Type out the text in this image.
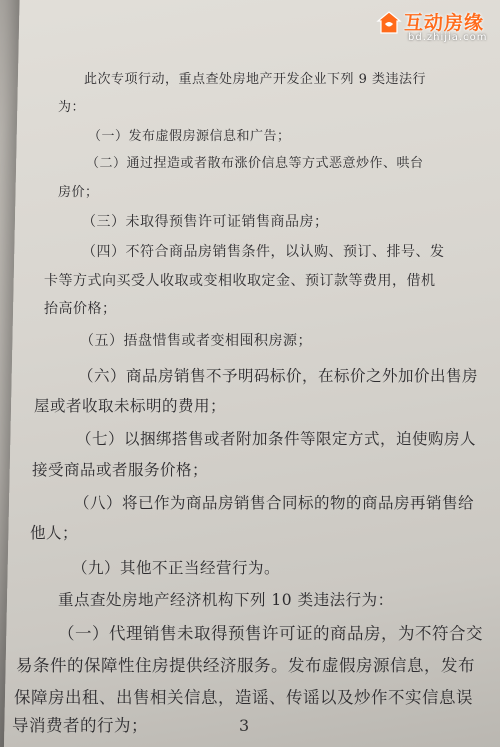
此次专项行动，重点查处房地产开发企业下列 9 类违法行
为：
（一）发布虚假房源信息和广告；
（二）通过捏造或者散布涨价信息等方式恶意炒作、哄台
房价；
（三）未取得预售许可证销售商品房；
（四）不符合商品房销售条件，以认购、预订、排号、发
卡等方式向买受人收取或变相收取定金、预订款等费用，借机
抬高价格；
（五）捂盘惜售或者变相囤积房源；
（六）商品房销售不予明码标价，在标价之外加价出售房
屋或者收取未标明的费用；
（七）以捆绑搭售或者附加条件等限定方式，迫使购房人
接受商品或者服务价格；
（八）将已作为商品房销售合同标的物的商品房再销售给
他人；
（九）其他不正当经营行为。
重点查处房地产经济机构下列 10 类违法行为：
（一）代理销售未取得预售许可证的商品房，为不符合交
易条件的保障性住房提供经济服务。发布虚假房源信息，发布
保障房出租、出售相关信息，造谣、传谣以及炒作不实信息误
导消费者的行为；	3
互动房缘
bd.zhijia.com
